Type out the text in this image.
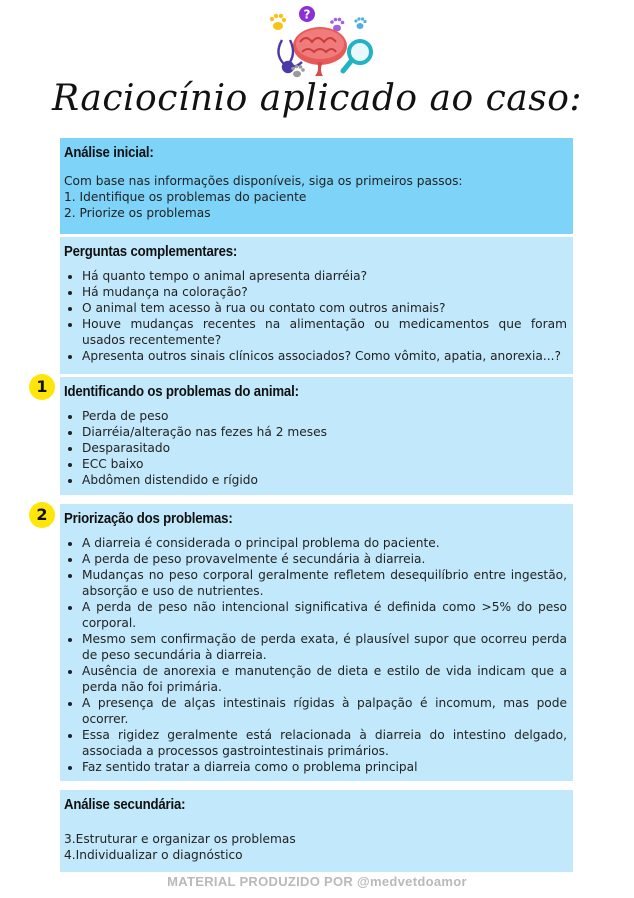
?
Raciocínio aplicado ao caso:
Análise inicial:

Com base nas informações disponíveis, siga os primeiros passos:

1. Identifique os problemas do paciente

2. Priorize os problemas

Perguntas complementares:
• Há quanto tempo o animal apresenta diarréia?
• Há mudança na coloração?
• O animal tem acesso à rua ou contato com outros animais?
• Houve mudanças recentes na alimentação ou medicamentos que foram usados recentemente?
• Apresenta outros sinais clínicos associados? Como vômito, apatia, anorexia...?
1	Identificando os problemas do animal:
• Perda de peso
• Diarréia/alteração nas fezes há 2 meses
• Desparasitado
• ECC baixo
• Abdômen distendido e rígido
2	Priorização dos problemas:
• A diarreia é considerada o principal problema do paciente.
• A perda de peso provavelmente é secundária à diarreia.
• Mudanças no peso corporal geralmente refletem desequilíbrio entre ingestão, absorção e uso de nutrientes.
• A perda de peso não intencional significativa é definida como >5% do peso corporal.
• Mesmo sem confirmação de perda exata, é plausível supor que ocorreu perda de peso secundária à diarreia.
• Ausência de anorexia e manutenção de dieta e estilo de vida indicam que a perda não foi primária.
• A presença de alças intestinais rígidas à palpação é incomum, mas pode ocorrer.
• Essa rigidez geralmente está relacionada à diarreia do intestino delgado, associada a processos gastrointestinais primários.
• Faz sentido tratar a diarreia como o problema principal
Análise secundária:

3.Estruturar e organizar os problemas

4.Individualizar o diagnóstico

MATERIAL PRODUZIDO POR @medvetdoamor
